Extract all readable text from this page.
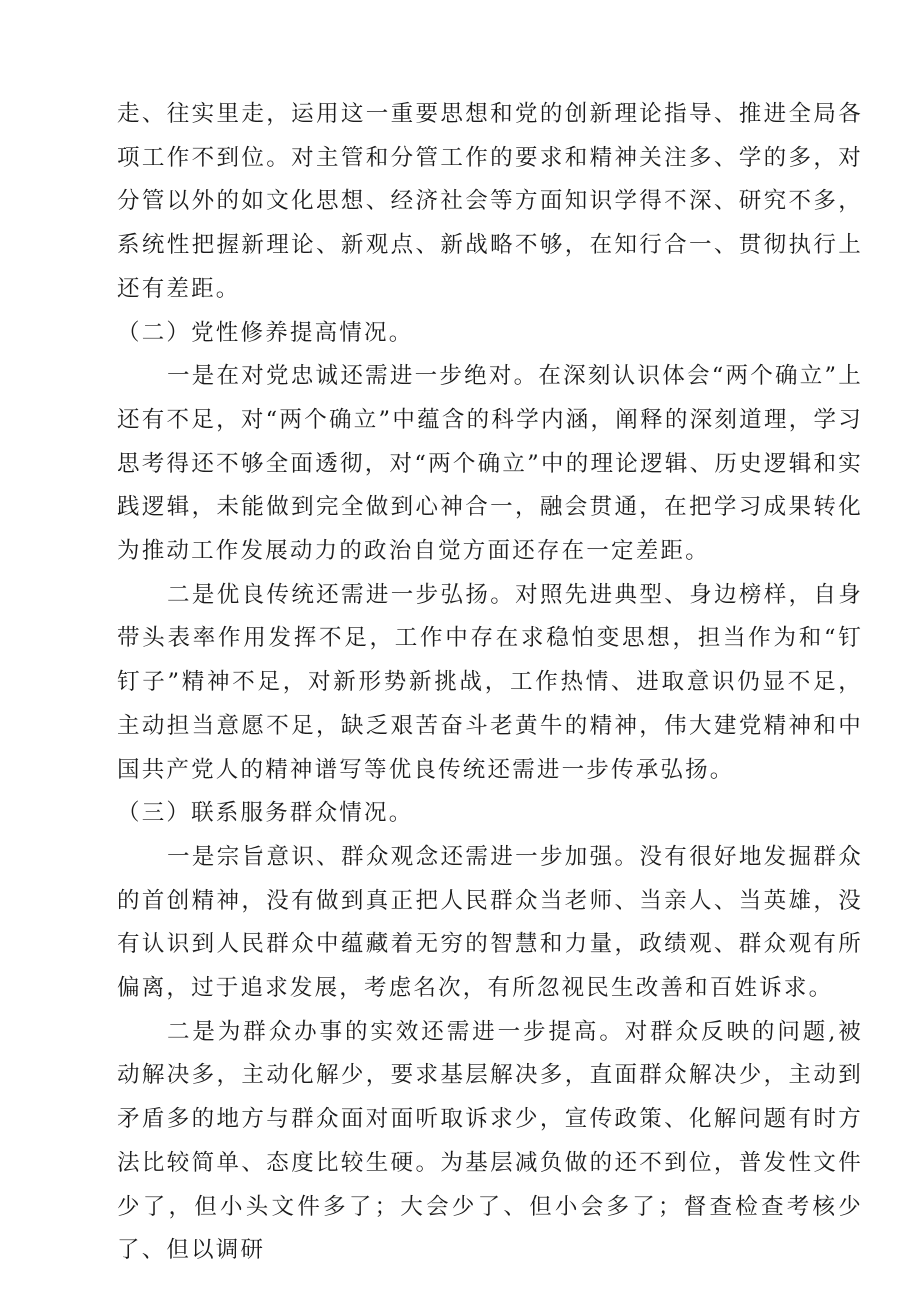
走、往实里走，运用这一重要思想和党的创新理论指导、推进全局各项工作不到位。对主管和分管工作的要求和精神关注多、学的多，对分管以外的如文化思想、经济社会等方面知识学得不深、研究不多，系统性把握新理论、新观点、新战略不够，在知行合一、贯彻执行上还有差距。

（二）党性修养提高情况。

一是在对党忠诚还需进一步绝对。在深刻认识体会“两个确立”上还有不足，对“两个确立”中蕴含的科学内涵，阐释的深刻道理，学习思考得还不够全面透彻，对“两个确立”中的理论逻辑、历史逻辑和实践逻辑，未能做到完全做到心神合一，融会贯通，在把学习成果转化为推动工作发展动力的政治自觉方面还存在一定差距。

二是优良传统还需进一步弘扬。对照先进典型、身边榜样，自身带头表率作用发挥不足，工作中存在求稳怕变思想，担当作为和“钉钉子”精神不足，对新形势新挑战，工作热情、进取意识仍显不足，主动担当意愿不足，缺乏艰苦奋斗老黄牛的精神，伟大建党精神和中国共产党人的精神谱写等优良传统还需进一步传承弘扬。

（三）联系服务群众情况。

一是宗旨意识、群众观念还需进一步加强。没有很好地发掘群众的首创精神，没有做到真正把人民群众当老师、当亲人、当英雄，没有认识到人民群众中蕴藏着无穷的智慧和力量，政绩观、群众观有所偏离，过于追求发展，考虑名次，有所忽视民生改善和百姓诉求。

二是为群众办事的实效还需进一步提高。对群众反映的问题,被动解决多，主动化解少，要求基层解决多，直面群众解决少，主动到矛盾多的地方与群众面对面听取诉求少，宣传政策、化解问题有时方法比较简单、态度比较生硬。为基层减负做的还不到位，普发性文件少了，但小头文件多了；大会少了、但小会多了；督查检查考核少了、但以调研
